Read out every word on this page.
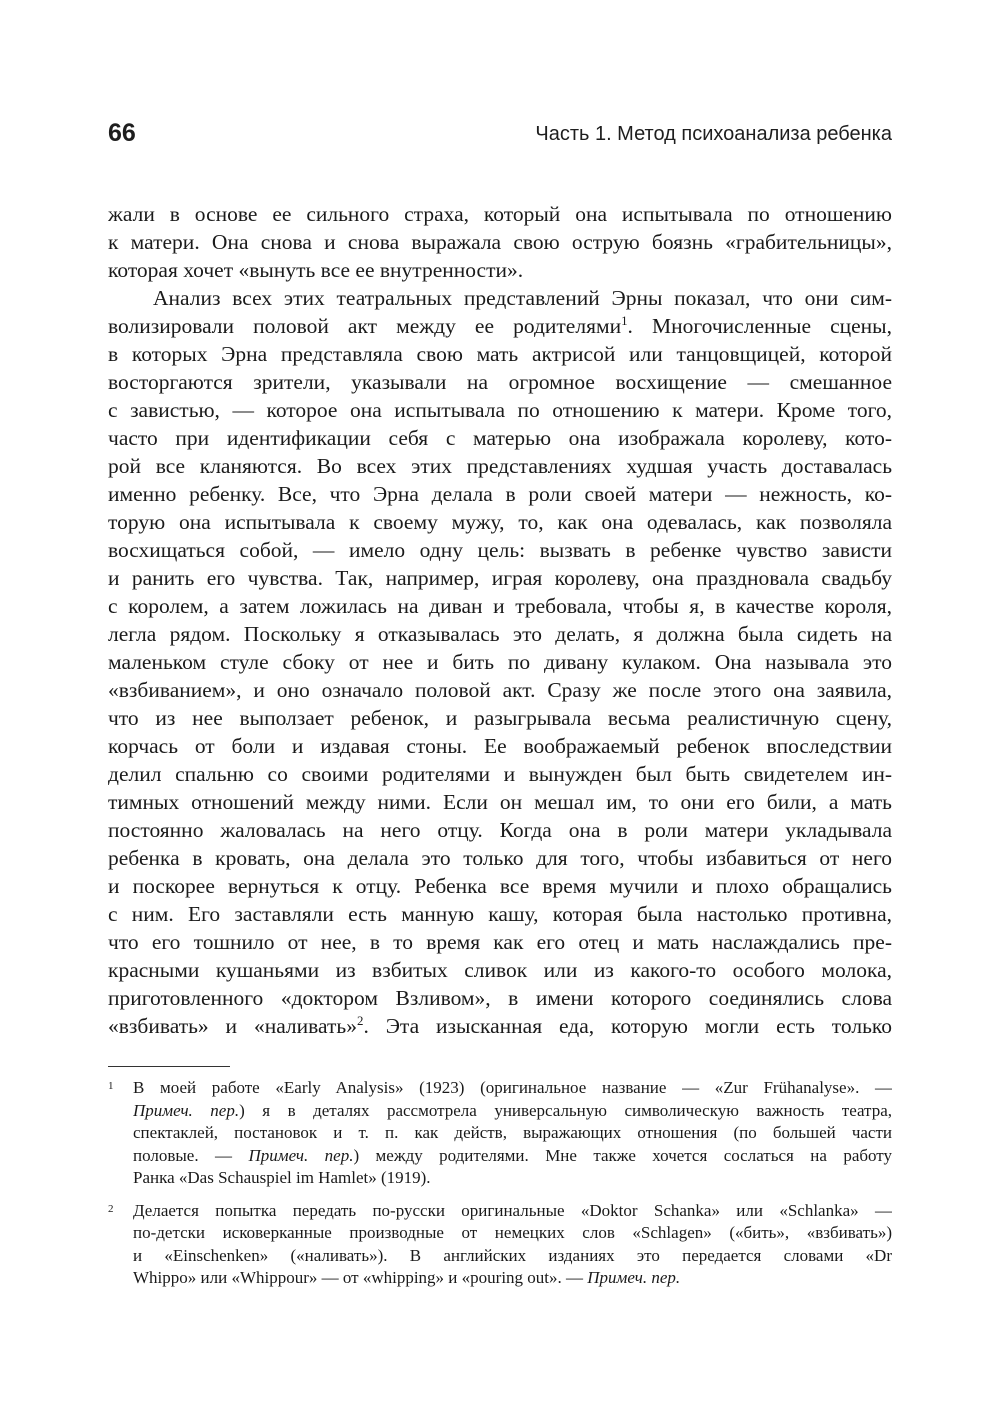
66	Часть 1. Метод психоанализа ребенка
жали в основе ее сильного страха, который она испытывала по отношению
к матери. Она снова и снова выражала свою острую боязнь «грабительницы»,
которая хочет «вынуть все ее внутренности».
Анализ всех этих театральных представлений Эрны показал, что они сим-
волизировали половой акт между ее родителями$^1$. Многочисленные сцены,
в которых Эрна представляла свою мать актрисой или танцовщицей, которой
восторгаются зрители, указывали на огромное восхищение — смешанное
с завистью, — которое она испытывала по отношению к матери. Кроме того,
часто при идентификации себя с матерью она изображала королеву, кото-
рой все кланяются. Во всех этих представлениях худшая участь доставалась
именно ребенку. Все, что Эрна делала в роли своей матери — нежность, ко-
торую она испытывала к своему мужу, то, как она одевалась, как позволяла
восхищаться собой, — имело одну цель: вызвать в ребенке чувство зависти
и ранить его чувства. Так, например, играя королеву, она праздновала свадьбу
с королем, а затем ложилась на диван и требовала, чтобы я, в качестве короля,
легла рядом. Поскольку я отказывалась это делать, я должна была сидеть на
маленьком стуле сбоку от нее и бить по дивану кулаком. Она называла это
«взбиванием», и оно означало половой акт. Сразу же после этого она заявила,
что из нее выползает ребенок, и разыгрывала весьма реалистичную сцену,
корчась от боли и издавая стоны. Ее воображаемый ребенок впоследствии
делил спальню со своими родителями и вынужден был быть свидетелем ин-
тимных отношений между ними. Если он мешал им, то они его били, а мать
постоянно жаловалась на него отцу. Когда она в роли матери укладывала
ребенка в кровать, она делала это только для того, чтобы избавиться от него
и поскорее вернуться к отцу. Ребенка все время мучили и плохо обращались
с ним. Его заставляли есть манную кашу, которая была настолько противна,
что его тошнило от нее, в то время как его отец и мать наслаждались пре-
красными кушаньями из взбитых сливок или из какого-то особого молока,
приготовленного «доктором Взливом», в имени которого соединялись слова
«взбивать» и «наливать»$^2$. Эта изысканная еда, которую могли есть только
1 В моей работе «Early Analysis» (1923) (оригинальное название — «Zur Frühanalyse». —
Примеч. пер.) я в деталях рассмотрела универсальную символическую важность театра,
спектаклей, постановок и т. п. как действ, выражающих отношения (по большей части
половые. — Примеч. пер.) между родителями. Мне также хочется сослаться на работу
Ранка «Das Schauspiel im Hamlet» (1919).
2 Делается попытка передать по-русски оригинальные «Doktor Schanka» или «Schlanka» —
по-детски исковерканные производные от немецких слов «Schlagen» («бить», «взбивать»)
и «Einschenken» («наливать»). В английских изданиях это передается словами «Dr
Whippo» или «Whippour» — от «whipping» и «pouring out». — Примеч. пер.
